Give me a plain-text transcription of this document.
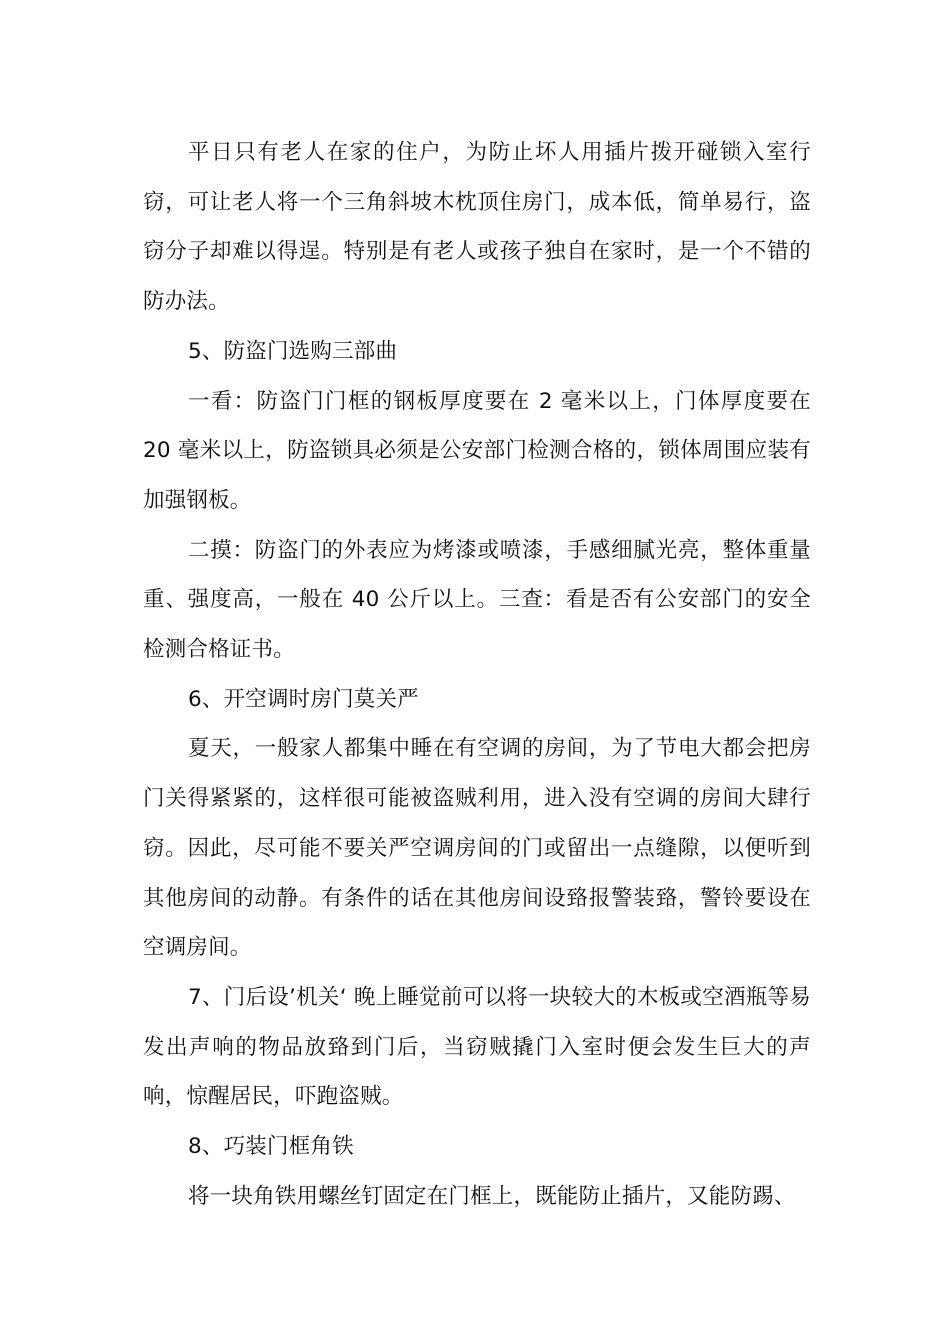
平日只有老人在家的住户，为防止坏人用插片拨开碰锁入室行窃，可让老人将一个三角斜坡木枕顶住房门，成本低，简单易行，盗窃分子却难以得逞。特别是有老人或孩子独自在家时，是一个不错的防办法。

5、防盗门选购三部曲

一看：防盗门门框的钢板厚度要在 2 毫米以上，门体厚度要在 20 毫米以上，防盗锁具必须是公安部门检测合格的，锁体周围应装有加强钢板。

二摸：防盗门的外表应为烤漆或喷漆，手感细腻光亮，整体重量重、强度高，一般在 40 公斤以上。三查：看是否有公安部门的安全检测合格证书。

6、开空调时房门莫关严

夏天，一般家人都集中睡在有空调的房间，为了节电大都会把房门关得紧紧的，这样很可能被盗贼利用，进入没有空调的房间大肆行窃。因此，尽可能不要关严空调房间的门或留出一点缝隙，以便听到其他房间的动静。有条件的话在其他房间设臵报警装臵，警铃要设在空调房间。

7、门后设’机关‘ 晚上睡觉前可以将一块较大的木板或空酒瓶等易发出声响的物品放臵到门后，当窃贼撬门入室时便会发生巨大的声响，惊醒居民，吓跑盗贼。

8、巧装门框角铁

将一块角铁用螺丝钉固定在门框上，既能防止插片，又能防踢、
